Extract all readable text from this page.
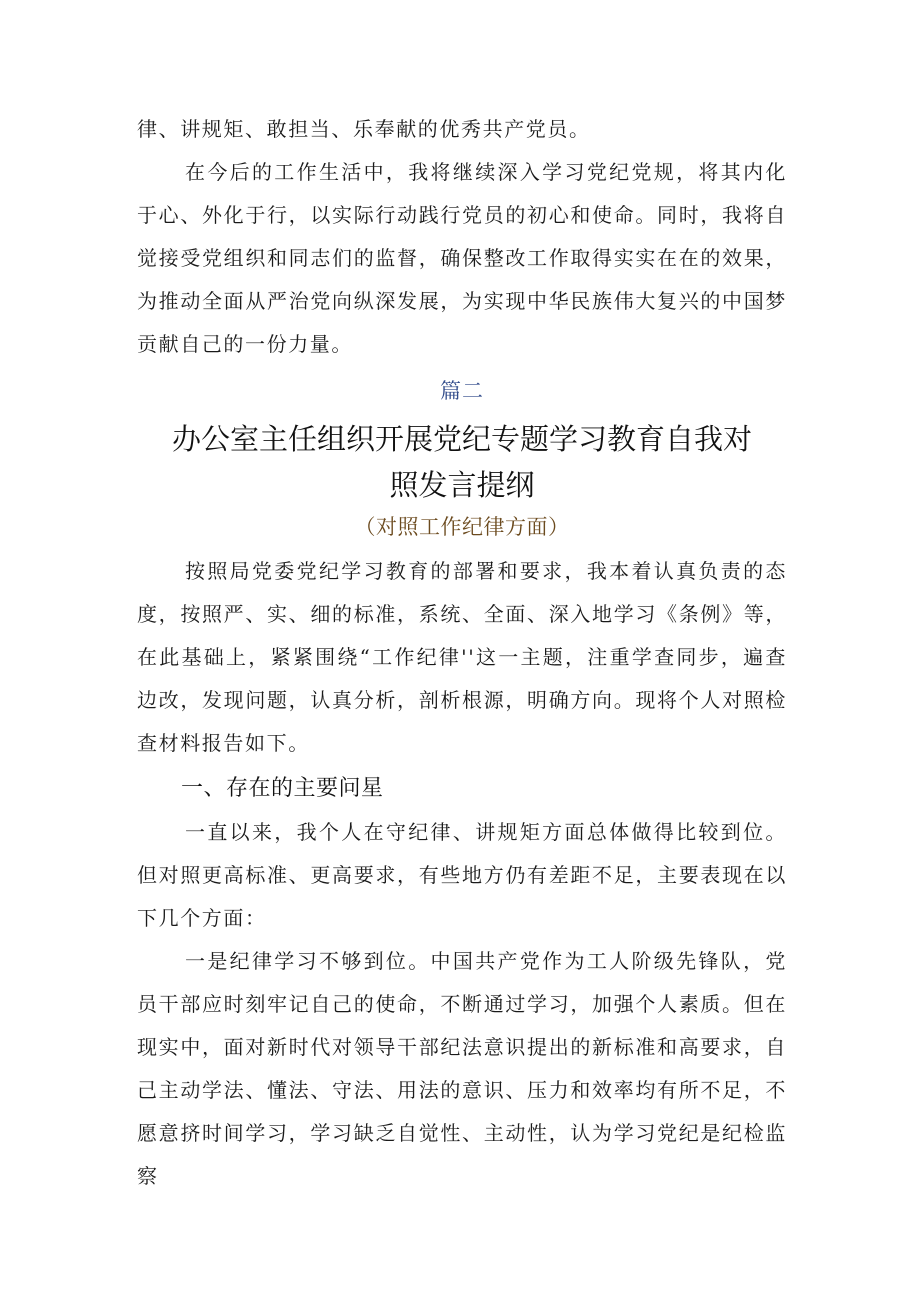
律、讲规矩、敢担当、乐奉献的优秀共产党员。

在今后的工作生活中，我将继续深入学习党纪党规，将其内化于心、外化于行，以实际行动践行党员的初心和使命。同时，我将自觉接受党组织和同志们的监督，确保整改工作取得实实在在的效果，为推动全面从严治党向纵深发展，为实现中华民族伟大复兴的中国梦贡献自己的一份力量。

篇二
办公室主任组织开展党纪专题学习教育自我对
照发言提纲
（对照工作纪律方面）

按照局党委党纪学习教育的部署和要求，我本着认真负责的态度，按照严、实、细的标准，系统、全面、深入地学习《条例》等，在此基础上，紧紧围绕“工作纪律''这一主题，注重学查同步，遍查边改，发现问题，认真分析，剖析根源，明确方向。现将个人对照检查材料报告如下。

一、存在的主要问星

一直以来，我个人在守纪律、讲规矩方面总体做得比较到位。但对照更高标准、更高要求，有些地方仍有差距不足，主要表现在以下几个方面：

一是纪律学习不够到位。中国共产党作为工人阶级先锋队，党员干部应时刻牢记自己的使命，不断通过学习，加强个人素质。但在现实中，面对新时代对领导干部纪法意识提出的新标准和高要求，自己主动学法、懂法、守法、用法的意识、压力和效率均有所不足，不愿意挤时间学习，学习缺乏自觉性、主动性，认为学习党纪是纪检监察
